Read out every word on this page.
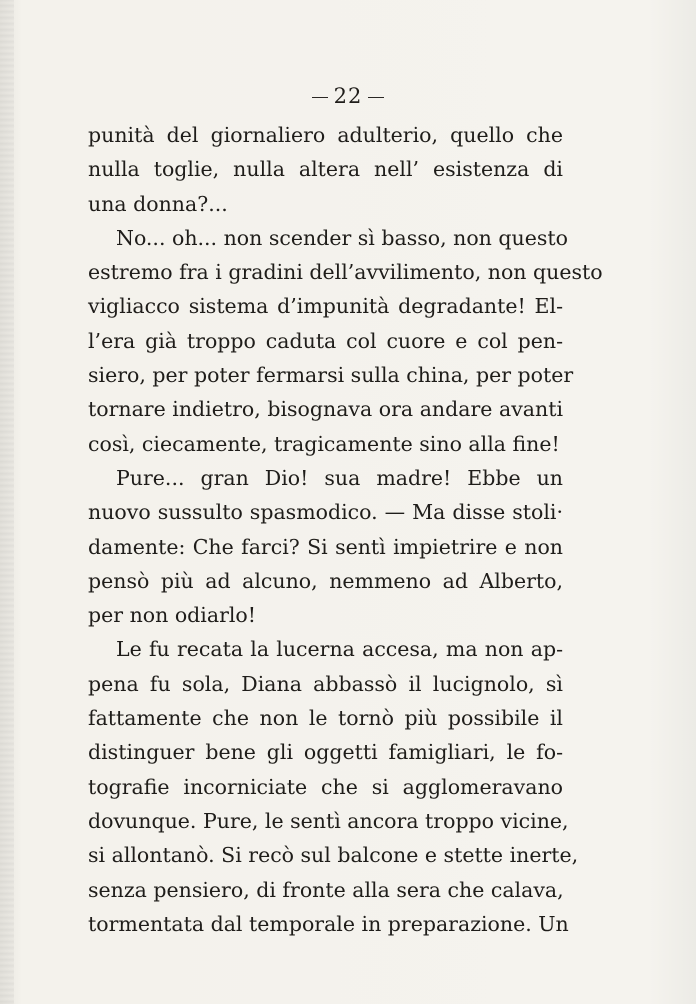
22
punità del giornaliero adulterio, quello che
nulla toglie, nulla altera nell’ esistenza di
una donna?...
No... oh... non scender sì basso, non questo
estremo fra i gradini dell’avvilimento, non questo
vigliacco sistema d’impunità degradante! El-
l’era già troppo caduta col cuore e col pen-
siero, per poter fermarsi sulla china, per poter
tornare indietro, bisognava ora andare avanti
così, ciecamente, tragicamente sino alla fine!
Pure... gran Dio! sua madre! Ebbe un
nuovo sussulto spasmodico. — Ma disse stoli·
damente: Che farci? Si sentì impietrire e non
pensò più ad alcuno, nemmeno ad Alberto,
per non odiarlo!
Le fu recata la lucerna accesa, ma non ap-
pena fu sola, Diana abbassò il lucignolo, sì
fattamente che non le tornò più possibile il
distinguer bene gli oggetti famigliari, le fo-
tografie incorniciate che si agglomeravano
dovunque. Pure, le sentì ancora troppo vicine,
si allontanò. Si recò sul balcone e stette inerte,
senza pensiero, di fronte alla sera che calava,
tormentata dal temporale in preparazione. Un
